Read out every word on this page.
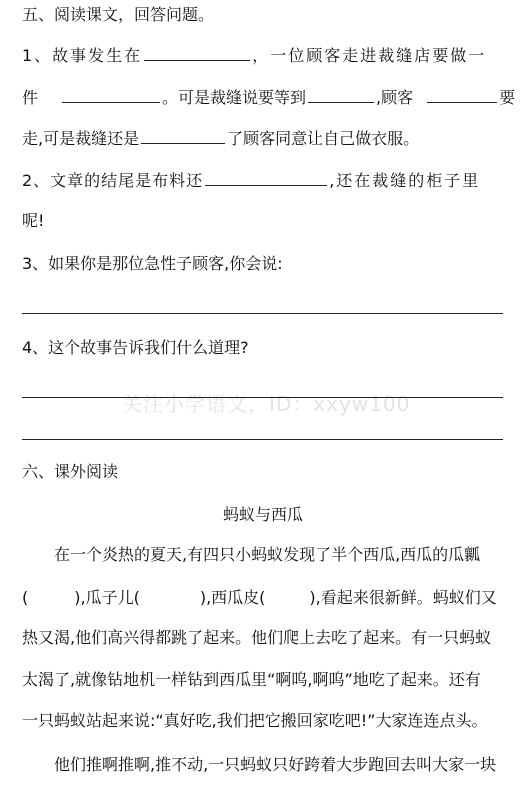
五、阅读课文，回答问题。
1、故事发生在	，一位顾客走进裁缝店要做一
件	。可是裁缝说要等到	,顾客	要
走,可是裁缝还是	了顾客同意让自己做衣服。
2、文章的结尾是布料还	,还在裁缝的柜子里
呢!
3、如果你是那位急性子顾客,你会说:
4、这个故事告诉我们什么道理?
关注小学语文，ID：xxyw100
六、课外阅读
蚂蚁与西瓜
在一个炎热的夏天,有四只小蚂蚁发现了半个西瓜,西瓜的瓜瓤
(	),瓜子儿(	),西瓜皮(	),看起来很新鲜。蚂蚁们又
热又渴,他们高兴得都跳了起来。他们爬上去吃了起来。有一只蚂蚁
太渴了,就像钻地机一样钻到西瓜里“啊呜,啊呜”地吃了起来。还有
一只蚂蚁站起来说:“真好吃,我们把它搬回家吃吧!”大家连连点头。
他们推啊推啊,推不动,一只蚂蚁只好跨着大步跑回去叫大家一块
